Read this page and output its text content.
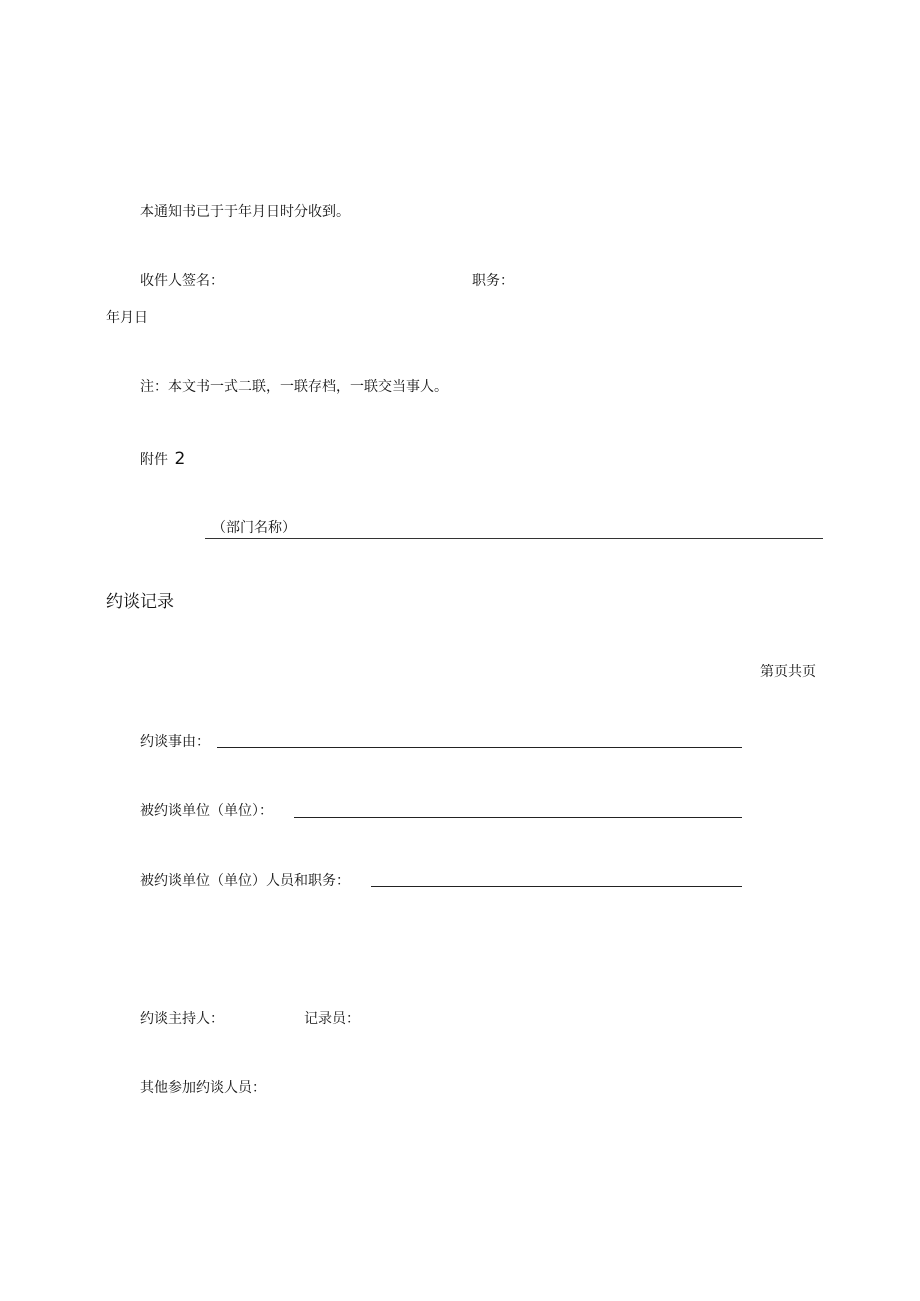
本通知书已于于年月日时分收到。
收件人签名：	职务：
年月日
注：本文书一式二联，一联存档，一联交当事人。
附件 2
（部门名称）
约谈记录
第页共页
约谈事由：
被约谈单位（单位）：
被约谈单位（单位）人员和职务：
约谈主持人：	记录员：
其他参加约谈人员：
